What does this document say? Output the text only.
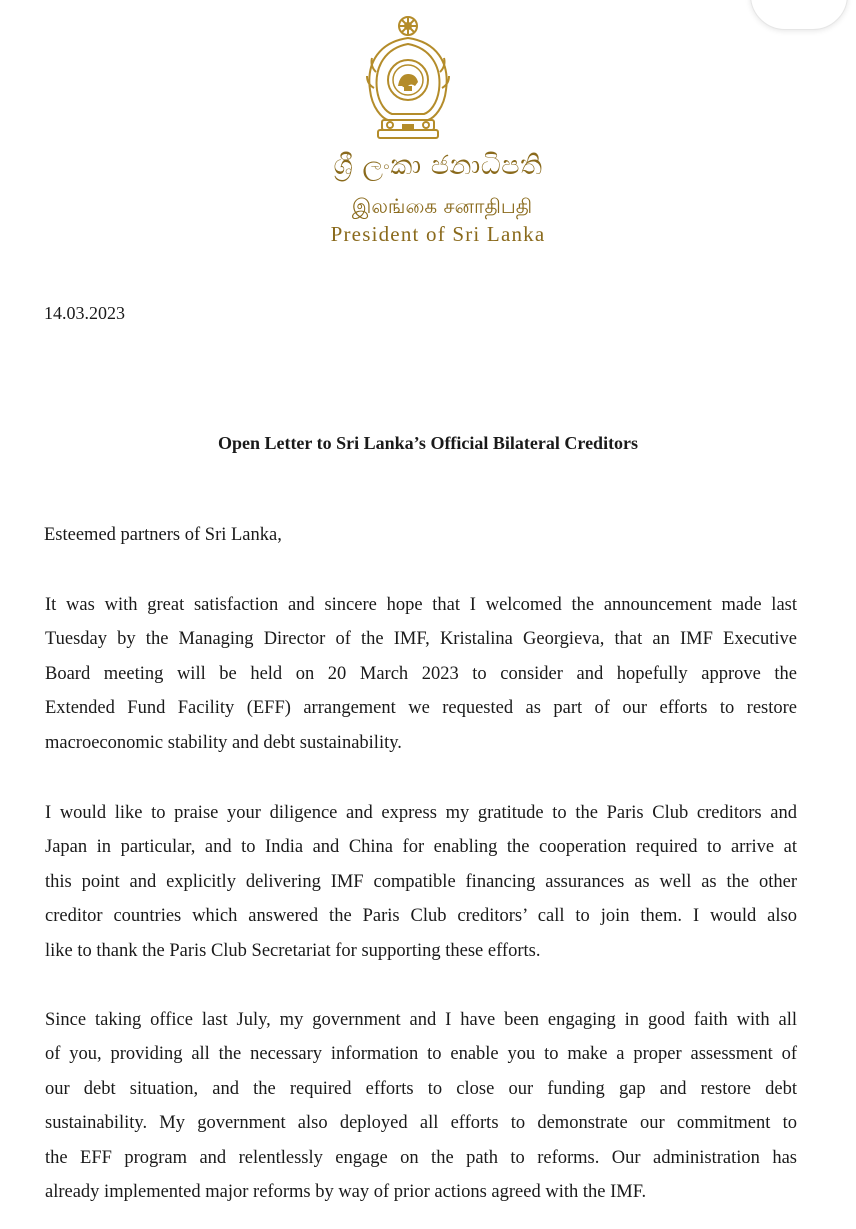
ශ්‍රී ලංකා ජනාධිපති
இலங்கை சனாதிபதி
President of Sri Lanka
14.03.2023
Open Letter to Sri Lanka’s Official Bilateral Creditors
Esteemed partners of Sri Lanka,

It was with great satisfaction and sincere hope that I welcomed the announcement made last
Tuesday by the Managing Director of the IMF, Kristalina Georgieva, that an IMF Executive
Board meeting will be held on 20 March 2023 to consider and hopefully approve the
Extended Fund Facility (EFF) arrangement we requested as part of our efforts to restore
macroeconomic stability and debt sustainability.

I would like to praise your diligence and express my gratitude to the Paris Club creditors and
Japan in particular, and to India and China for enabling the cooperation required to arrive at
this point and explicitly delivering IMF compatible financing assurances as well as the other
creditor countries which answered the Paris Club creditors’ call to join them. I would also
like to thank the Paris Club Secretariat for supporting these efforts.

Since taking office last July, my government and I have been engaging in good faith with all
of you, providing all the necessary information to enable you to make a proper assessment of
our debt situation, and the required efforts to close our funding gap and restore debt
sustainability. My government also deployed all efforts to demonstrate our commitment to
the EFF program and relentlessly engage on the path to reforms. Our administration has
already implemented major reforms by way of prior actions agreed with the IMF.
